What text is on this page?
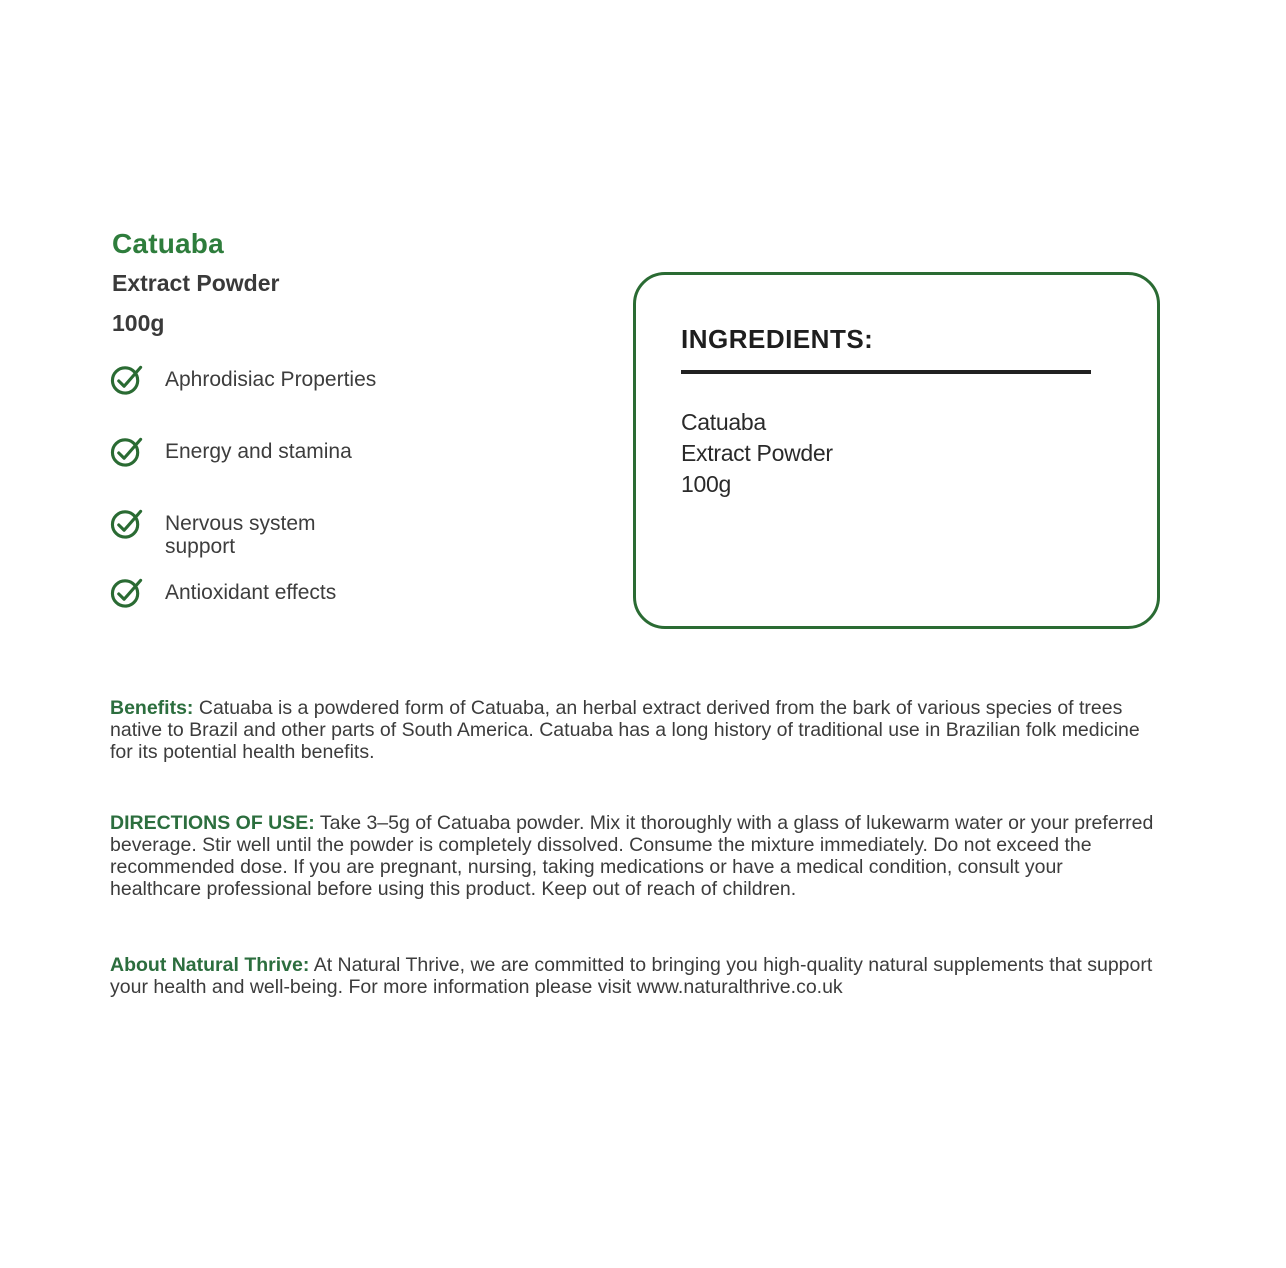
Catuaba
Extract Powder
100g
Aphrodisiac Properties
Energy and stamina
Nervous system support
Antioxidant effects
INGREDIENTS:
Catuaba
Extract Powder
100g

Benefits: Catuaba is a powdered form of Catuaba, an herbal extract derived from the bark of various species of trees native to Brazil and other parts of South America. Catuaba has a long history of traditional use in Brazilian folk medicine for its potential health benefits.

DIRECTIONS OF USE: Take 3–5g of Catuaba powder. Mix it thoroughly with a glass of lukewarm water or your preferred beverage. Stir well until the powder is completely dissolved. Consume the mixture immediately. Do not exceed the recommended dose. If you are pregnant, nursing, taking medications or have a medical condition, consult your healthcare professional before using this product. Keep out of reach of children.

About Natural Thrive: At Natural Thrive, we are committed to bringing you high-quality natural supplements that support your health and well-being. For more information please visit www.naturalthrive.co.uk
